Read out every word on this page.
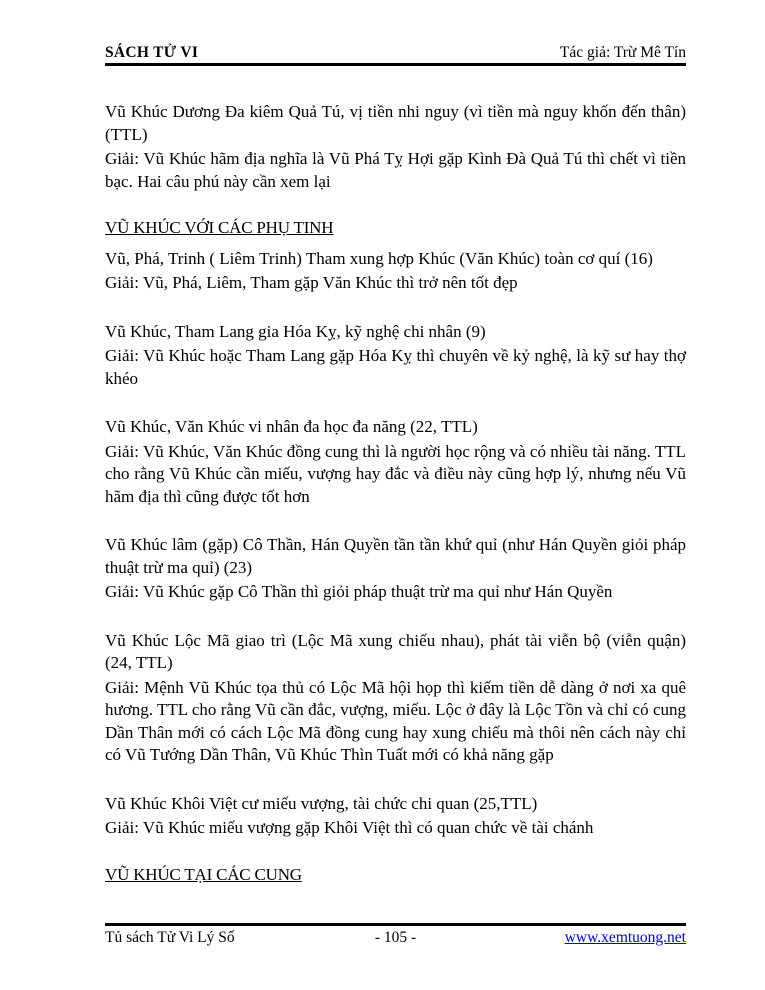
SÁCH TỬ VI	Tác giả: Trừ Mê Tín
Vũ Khúc Dương Đa kiêm Quả Tú, vị tiền nhi nguy (vì tiền mà nguy khốn đến thân) (TTL)
Giải: Vũ Khúc hãm địa nghĩa là Vũ Phá Tỵ Hợi gặp Kình Đà Quả Tú thì chết vì tiền bạc. Hai câu phú này cần xem lại
VŨ KHÚC VỚI CÁC PHỤ TINH
Vũ, Phá, Trinh ( Liêm Trinh) Tham xung hợp Khúc (Văn Khúc) toàn cơ quí (16)
Giải: Vũ, Phá, Liêm, Tham gặp Văn Khúc thì trở nên tốt đẹp
Vũ Khúc, Tham Lang gia Hóa Kỵ, kỹ nghệ chi nhân (9)
Giải: Vũ Khúc hoặc Tham Lang gặp Hóa Kỵ thì chuyên về kỷ nghệ, là kỹ sư hay thợ khéo
Vũ Khúc, Văn Khúc vi nhân đa học đa năng (22, TTL)
Giải: Vũ Khúc, Văn Khúc đồng cung thì là người học rộng và có nhiều tài năng. TTL cho rằng Vũ Khúc cần miếu, vượng hay đắc và điều này cũng hợp lý, nhưng nếu Vũ hãm địa thì cũng được tốt hơn
Vũ Khúc lâm (gặp) Cô Thần, Hán Quyền tần tần khứ quỉ (như Hán Quyền giỏi pháp thuật trừ ma quỉ) (23)
Giải: Vũ Khúc gặp Cô Thần thì giỏi pháp thuật trừ ma quỉ như Hán Quyền
Vũ Khúc Lộc Mã giao trì (Lộc Mã xung chiếu nhau), phát tài viễn bộ (viễn quận) (24, TTL)
Giải: Mệnh Vũ Khúc tọa thủ có Lộc Mã hội họp thì kiếm tiền dễ dàng ở nơi xa quê hương. TTL cho rằng Vũ cần đắc, vượng, miếu. Lộc ở đây là Lộc Tồn và chỉ có cung Dần Thân mới có cách Lộc Mã đồng cung hay xung chiếu mà thôi nên cách này chỉ có Vũ Tướng Dần Thân, Vũ Khúc Thìn Tuất mới có khả năng gặp
Vũ Khúc Khôi Việt cư miếu vượng, tài chức chi quan (25,TTL)
Giải: Vũ Khúc miếu vượng gặp Khôi Việt thì có quan chức về tài chánh
VŨ KHÚC TẠI CÁC CUNG
- 105 -
Tủ sách Tử Vi Lý Số	www.xemtuong.net
